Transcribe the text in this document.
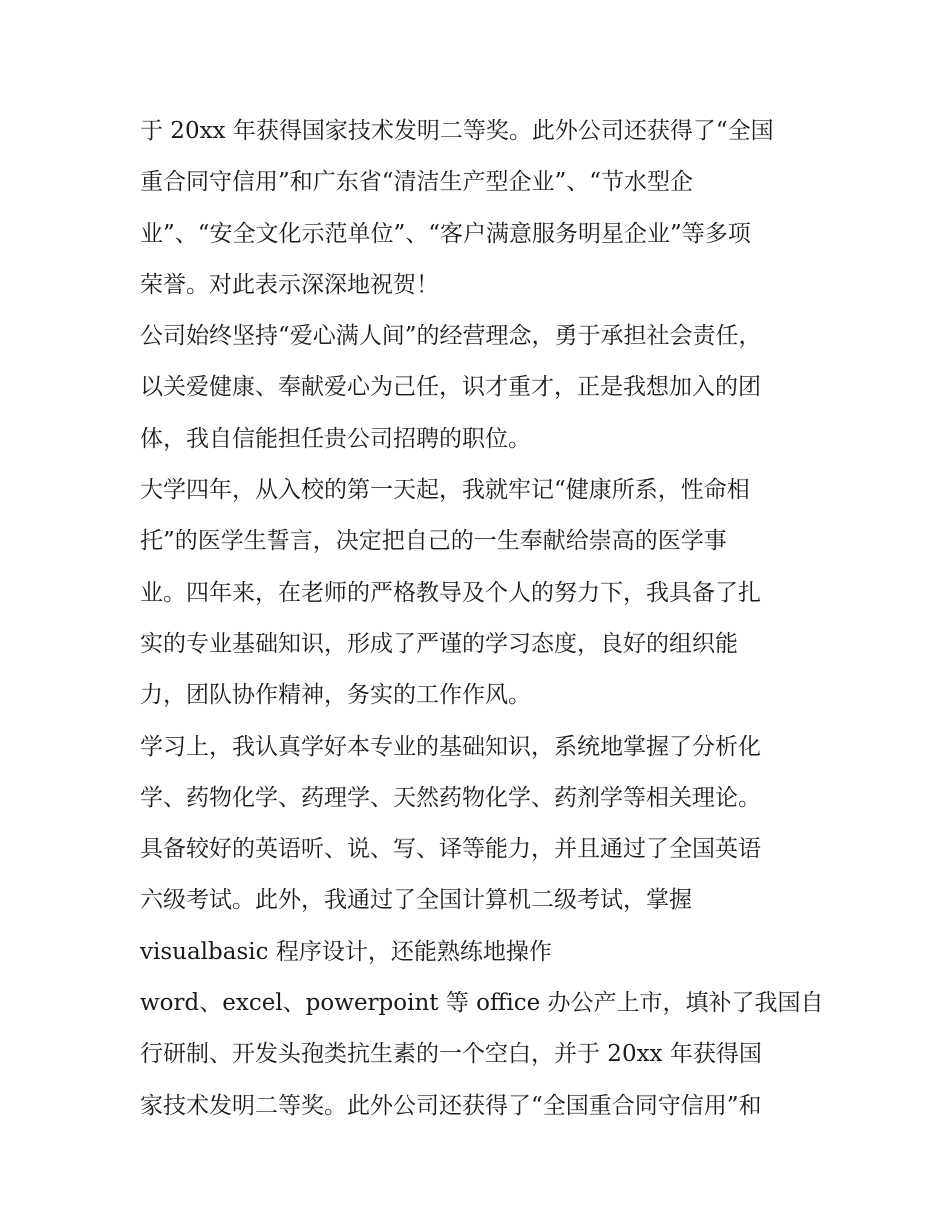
于 20xx 年获得国家技术发明二等奖。此外公司还获得了“全国
重合同守信用”和广东省“清洁生产型企业”、“节水型企
业”、“安全文化示范单位”、“客户满意服务明星企业”等多项
荣誉。对此表示深深地祝贺！
公司始终坚持“爱心满人间”的经营理念，勇于承担社会责任，
以关爱健康、奉献爱心为己任，识才重才，正是我想加入的团
体，我自信能担任贵公司招聘的职位。
大学四年，从入校的第一天起，我就牢记“健康所系，性命相
托”的医学生誓言，决定把自己的一生奉献给崇高的医学事
业。四年来，在老师的严格教导及个人的努力下，我具备了扎
实的专业基础知识，形成了严谨的学习态度，良好的组织能
力，团队协作精神，务实的工作作风。
学习上，我认真学好本专业的基础知识，系统地掌握了分析化
学、药物化学、药理学、天然药物化学、药剂学等相关理论。
具备较好的英语听、说、写、译等能力，并且通过了全国英语
六级考试。此外，我通过了全国计算机二级考试，掌握
visualbasic 程序设计，还能熟练地操作
word、excel、powerpoint 等 office 办公产上市，填补了我国自
行研制、开发头孢类抗生素的一个空白，并于 20xx 年获得国
家技术发明二等奖。此外公司还获得了“全国重合同守信用”和
